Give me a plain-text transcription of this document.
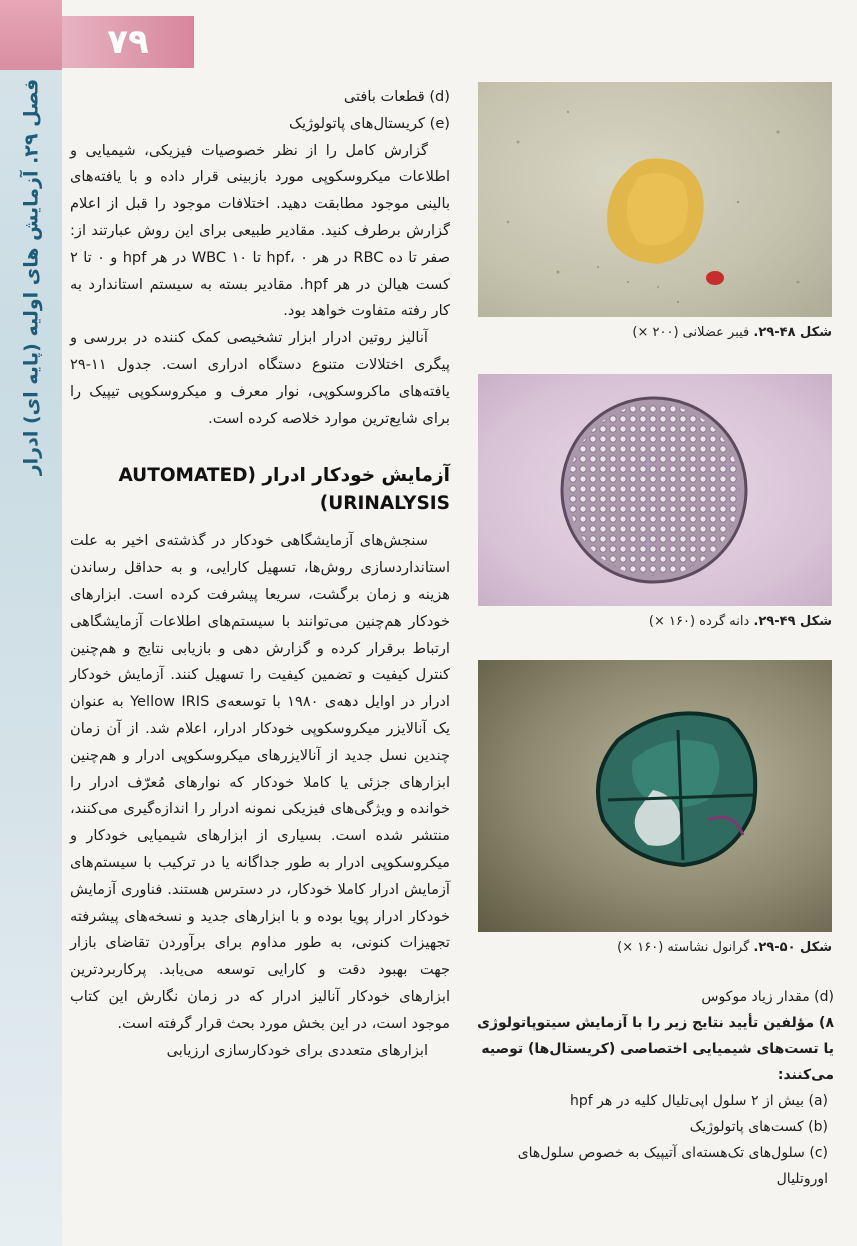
۷۹
فصل ۲۹. آزمایش های اولیه (پایه ای) ادرار	(d) قطعات بافتی

(e) کریستال‌های پاتولوژیک

گزارش کامل را از نظر خصوصیات فیزیکی، شیمیایی و اطلاعات میکروسکوپی مورد بازبینی قرار داده و با یافته‌های بالینی موجود مطابقت دهید. اختلافات موجود را قبل از اعلام گزارش برطرف کنید. مقادیر طبیعی برای این روش عبارتند از: صفر تا ده RBC در هر hpf، ۰ تا ۱۰ WBC در هر hpf و ۰ تا ۲ کست هیالن در هر hpf. مقادیر بسته به سیستم استاندارد به کار رفته متفاوت خواهد بود.

آنالیز روتین ادرار ابزار تشخیصی کمک کننده در بررسی و پیگری اختلالات متنوع دستگاه ادراری است. جدول ۱۱-۲۹ یافته‌های ماکروسکوپی، نوار معرف و میکروسکوپی تیپیک را برای شایع‌ترین موارد خلاصه کرده است.

آزمایش خودکار ادرار (AUTOMATED URINALYSIS)

سنجش‌های آزمایشگاهی خودکار در گذشته‌ی اخیر به علت استانداردسازی روش‌ها، تسهیل کارایی، و به حداقل رساندن هزینه و زمان برگشت، سریعا پیشرفت کرده است. ابزارهای خودکار هم‌چنین می‌توانند با سیستم‌های اطلاعات آزمایشگاهی ارتباط برقرار کرده و گزارش دهی و بازیابی نتایج و هم‌چنین کنترل کیفیت و تضمین کیفیت را تسهیل کنند. آزمایش خودکار ادرار در اوایل دهه‌ی ۱۹۸۰ با توسعه‌ی Yellow IRIS به عنوان یک آنالایزر میکروسکوپی خودکار ادرار، اعلام شد. از آن زمان چندین نسل جدید از آنالایزرهای میکروسکوپی ادرار و هم‌چنین ابزارهای جزئی یا کاملا خودکار که نوارهای مُعرّف ادرار را خوانده و ویژگی‌های فیزیکی نمونه ادرار را اندازه‌گیری می‌کنند، منتشر شده است. بسیاری از ابزارهای شیمیایی خودکار و میکروسکوپی ادرار به طور جداگانه یا در ترکیب با سیستم‌های آزمایش ادرار کاملا خودکار، در دسترس هستند. فناوری آزمایش خودکار ادرار پویا بوده و با ابزارهای جدید و نسخه‌های پیشرفته تجهیزات کنونی، به طور مداوم برای برآوردن تقاضای بازار جهت بهبود دقت و کارایی توسعه می‌یابد. پرکاربردترین ابزارهای خودکار آنالیز ادرار که در زمان نگارش این کتاب موجود است، در این بخش مورد بحث قرار گرفته است.

ابزارهای متعددی برای خودکارسازی ارزیابی

شکل ۴۸-۲۹. فیبر عضلانی (۲۰۰ ×)
شکل ۴۹-۲۹. دانه گرده (۱۶۰ ×)
شکل ۵۰-۲۹. گرانول نشاسته (۱۶۰ ×)

(d) مقدار زیاد موکوس

۸) مؤلفین تأیید نتایج زیر را با آزمایش سیتوپاتولوژی یا تست‌های شیمیایی اختصاصی (کریستال‌ها) توصیه می‌کنند:

(a) بیش از ۲ سلول اپی‌تلیال کلیه در هر hpf

(b) کست‌های پاتولوژیک

(c) سلول‌های تک‌هسته‌ای آتیپیک به خصوص سلول‌های اوروتلیال
